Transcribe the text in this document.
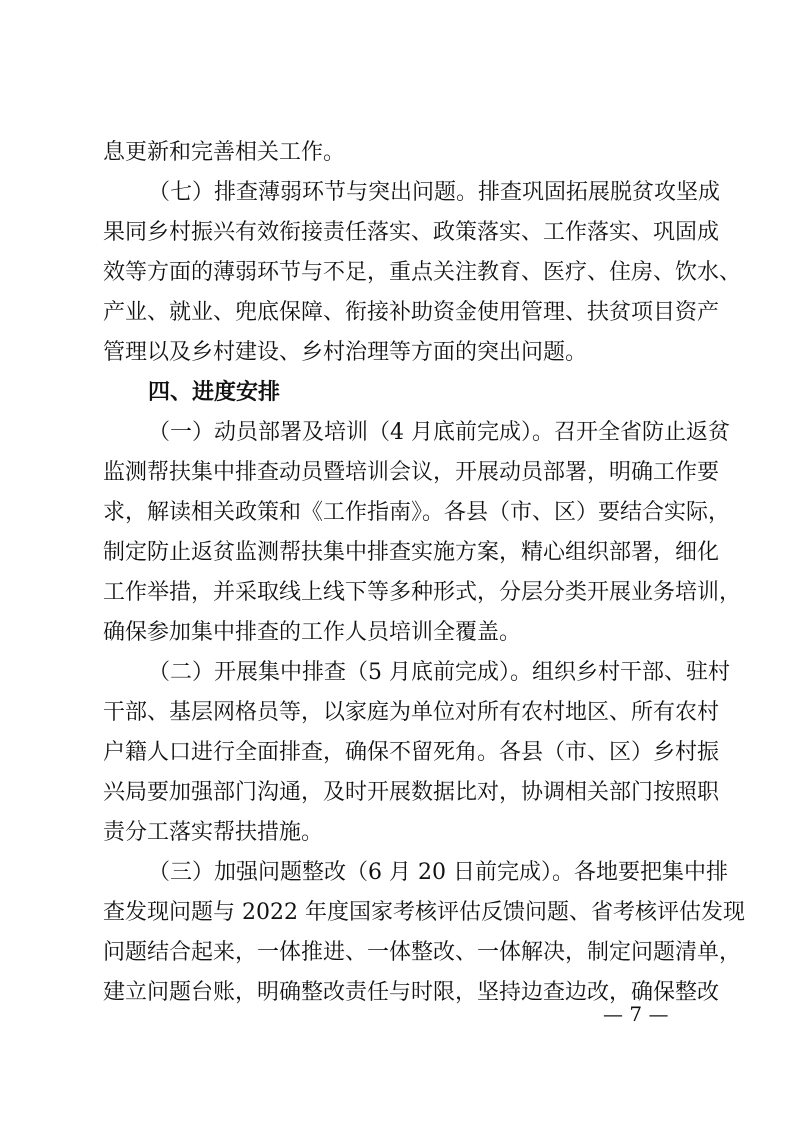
息更新和完善相关工作。
（七）排查薄弱环节与突出问题。排查巩固拓展脱贫攻坚成
果同乡村振兴有效衔接责任落实、政策落实、工作落实、巩固成
效等方面的薄弱环节与不足，重点关注教育、医疗、住房、饮水、
产业、就业、兜底保障、衔接补助资金使用管理、扶贫项目资产
管理以及乡村建设、乡村治理等方面的突出问题。
四、进度安排
（一）动员部署及培训（4 月底前完成）。召开全省防止返贫
监测帮扶集中排查动员暨培训会议，开展动员部署，明确工作要
求，解读相关政策和《工作指南》。各县（市、区）要结合实际，
制定防止返贫监测帮扶集中排查实施方案，精心组织部署，细化
工作举措，并采取线上线下等多种形式，分层分类开展业务培训，
确保参加集中排查的工作人员培训全覆盖。
（二）开展集中排查（5 月底前完成）。组织乡村干部、驻村
干部、基层网格员等，以家庭为单位对所有农村地区、所有农村
户籍人口进行全面排查，确保不留死角。各县（市、区）乡村振
兴局要加强部门沟通，及时开展数据比对，协调相关部门按照职
责分工落实帮扶措施。
（三）加强问题整改（6 月 20 日前完成）。各地要把集中排
查发现问题与 2022 年度国家考核评估反馈问题、省考核评估发现
问题结合起来，一体推进、一体整改、一体解决，制定问题清单，
建立问题台账，明确整改责任与时限，坚持边查边改，确保整改
— 7 —
